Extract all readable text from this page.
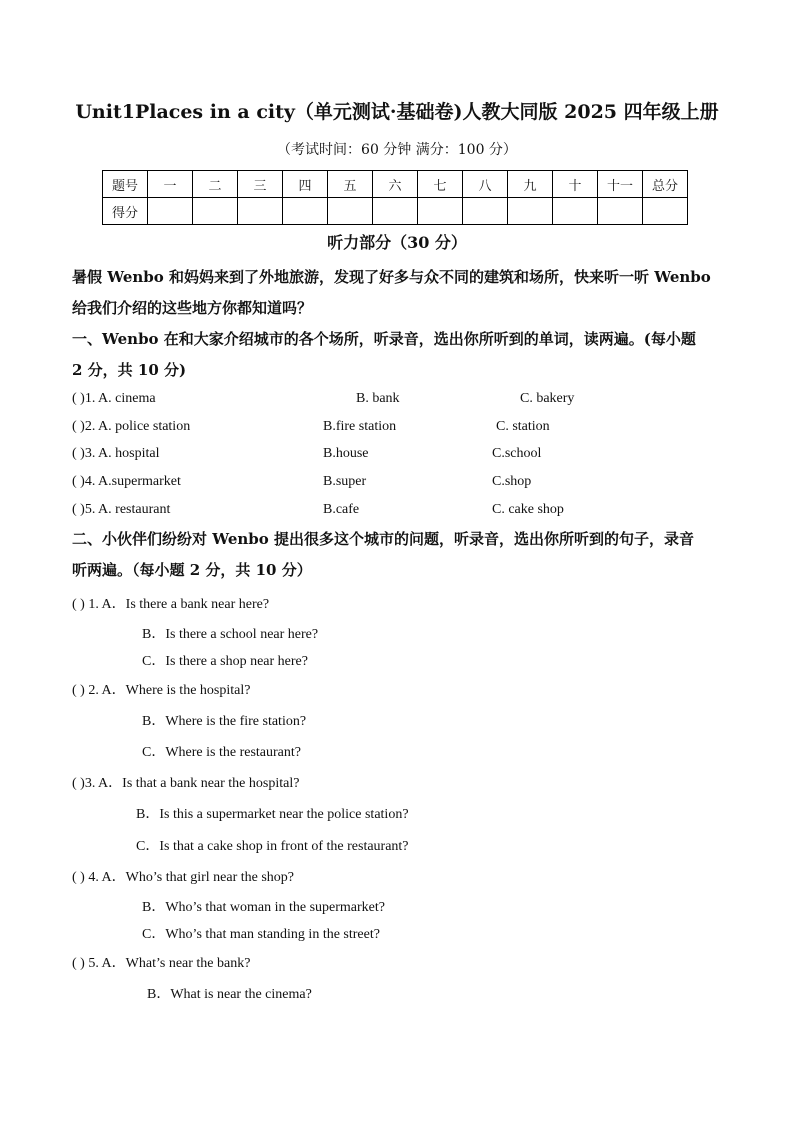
Unit1Places in a city（单元测试·基础卷)人教大同版 2025 四年级上册
（考试时间：60 分钟 满分：100 分）
题号	一	二	三	四	五	六	七	八	九	十	十一	总分
得分												
听力部分（30 分）
暑假 Wenbo 和妈妈来到了外地旅游，发现了好多与众不同的建筑和场所，快来听一听 Wenbo
给我们介绍的这些地方你都知道吗？
一、Wenbo 在和大家介绍城市的各个场所，听录音，选出你所听到的单词，读两遍。(每小题
2 分，共 10 分)
( )1. A. cinema	B. bank	C. bakery
( )2. A. police station	B.fire station	C. station
( )3. A. hospital	B.house	C.school
( )4. A.supermarket	B.super	C.shop
( )5. A. restaurant	B.cafe	C. cake shop
二、小伙伴们纷纷对 Wenbo 提出很多这个城市的问题，听录音，选出你所听到的句子，录音
听两遍。（每小题 2 分，共 10 分）
( ) 1. A．Is there a bank near here?
B．Is there a school near here?
C．Is there a shop near here?
( ) 2. A．Where is the hospital?
B．Where is the fire station?
C．Where is the restaurant?
( )3. A．Is that a bank near the hospital?
B．Is this a supermarket near the police station?
C．Is that a cake shop in front of the restaurant?
( ) 4. A．Who’s that girl near the shop?
B．Who’s that woman in the supermarket?
C．Who’s that man standing in the street?
( ) 5. A．What’s near the bank?
B．What is near the cinema?
